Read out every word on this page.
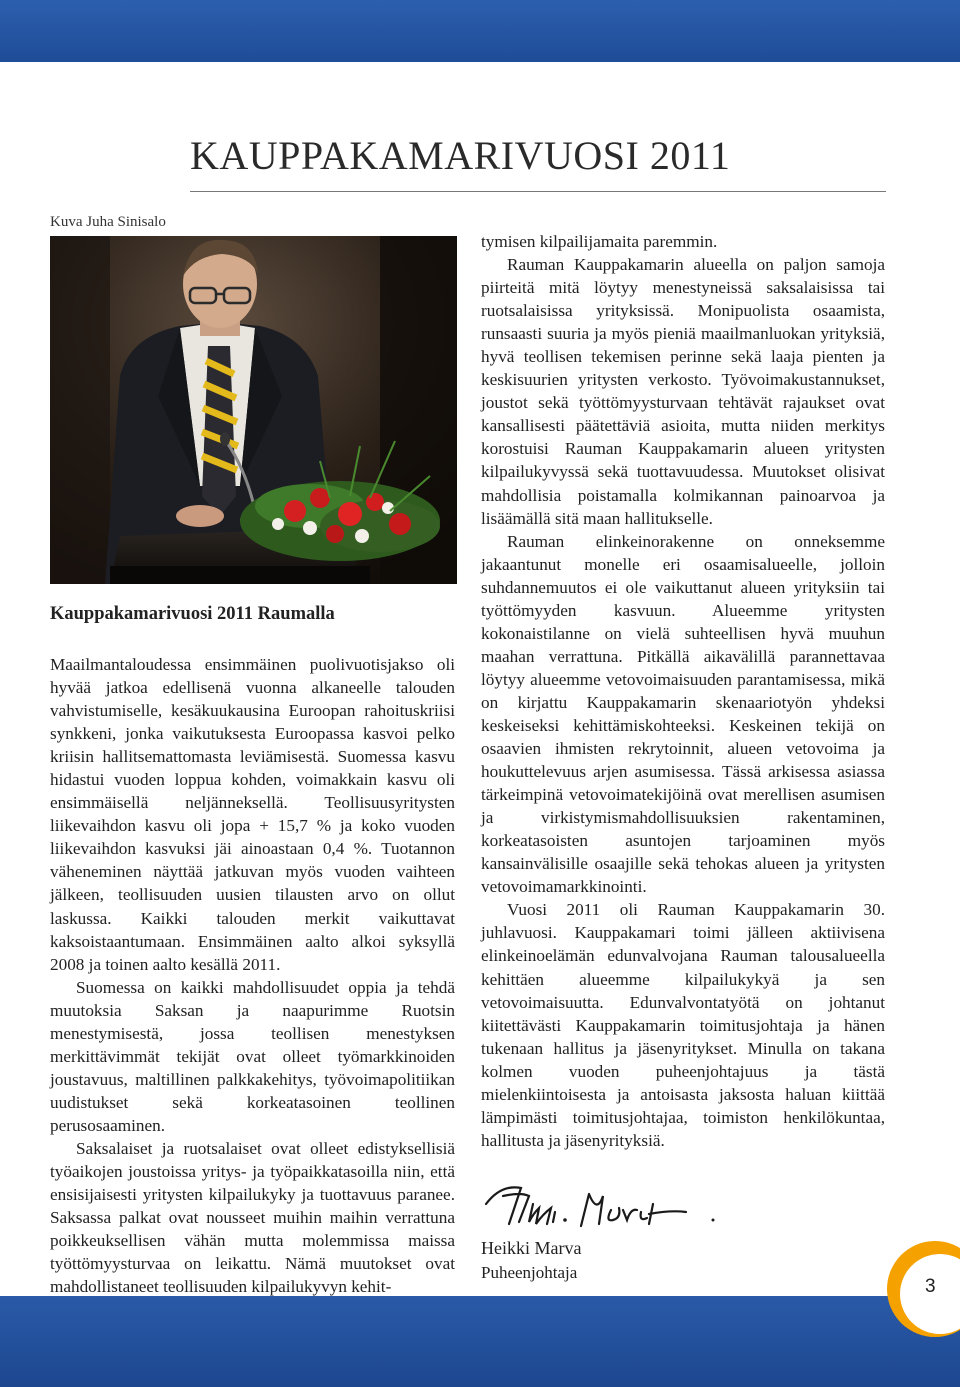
KAUPPAKAMARIVUOSI 2011
Kuva Juha Sinisalo
Kauppakamarivuosi 2011 Raumalla

Maailmantaloudessa ensimmäinen puolivuotisjakso oli hyvää jatkoa edellisenä vuonna alkaneelle talouden vahvistumiselle, kesäkuukausina Euroopan rahoituskriisi synkkeni, jonka vaikutuksesta Euroopassa kasvoi pelko kriisin hallitsemattomasta leviämisestä. Suomessa kasvu hidastui vuoden loppua kohden, voimakkain kasvu oli ensimmäisellä neljänneksellä. Teollisuusyritysten liikevaihdon kasvu oli jopa + 15,7 % ja koko vuoden liikevaihdon kasvuksi jäi ainoastaan 0,4 %. Tuotannon väheneminen näyttää jatkuvan myös vuoden vaihteen jälkeen, teollisuuden uusien tilausten arvo on ollut laskussa. Kaikki talouden merkit vaikuttavat kaksoistaantumaan. Ensimmäinen aalto alkoi syksyllä 2008 ja toinen aalto kesällä 2011.

Suomessa on kaikki mahdollisuudet oppia ja tehdä muutoksia Saksan ja naapurimme Ruotsin menestymisestä, jossa teollisen menestyksen merkittävimmät tekijät ovat olleet työmarkkinoiden joustavuus, maltillinen palkkakehitys, työvoimapolitiikan uudistukset sekä korkeatasoinen teollinen perusosaaminen.

Saksalaiset ja ruotsalaiset ovat olleet edistyksellisiä työaikojen joustoissa yritys- ja työpaikkatasoilla niin, että ensisijaisesti yritysten kilpailukyky ja tuottavuus paranee. Saksassa palkat ovat nousseet muihin maihin verrattuna poikkeuksellisen vähän mutta molemmissa maissa työttömyysturvaa on leikattu. Nämä muutokset ovat mahdollistaneet teollisuuden kilpailukyvyn kehit-

tymisen kilpailijamaita paremmin.

Rauman Kauppakamarin alueella on paljon samoja piirteitä mitä löytyy menestyneissä saksalaisissa tai ruotsalaisissa yrityksissä. Monipuolista osaamista, runsaasti suuria ja myös pieniä maailmanluokan yrityksiä, hyvä teollisen tekemisen perinne sekä laaja pienten ja keskisuurien yritysten verkosto. Työvoimakustannukset, joustot sekä työttömyysturvaan tehtävät rajaukset ovat kansallisesti päätettäviä asioita, mutta niiden merkitys korostuisi Rauman Kauppakamarin alueen yritysten kilpailukyvyssä sekä tuottavuudessa. Muutokset olisivat mahdollisia poistamalla kolmikannan painoarvoa ja lisäämällä sitä maan hallitukselle.

Rauman elinkeinorakenne on onneksemme jakaantunut monelle eri osaamisalueelle, jolloin suhdannemuutos ei ole vaikuttanut alueen yrityksiin tai työttömyyden kasvuun. Alueemme yritysten kokonaistilanne on vielä suhteellisen hyvä muuhun maahan verrattuna. Pitkällä aikavälillä parannettavaa löytyy alueemme vetovoimaisuuden parantamisessa, mikä on kirjattu Kauppakamarin skenaariotyön yhdeksi keskeiseksi kehittämiskohteeksi. Keskeinen tekijä on osaavien ihmisten rekrytoinnit, alueen vetovoima ja houkuttelevuus arjen asumisessa. Tässä arkisessa asiassa tärkeimpinä vetovoimatekijöinä ovat merellisen asumisen ja virkistymismahdollisuuksien rakentaminen, korkeatasoisten asuntojen tarjoaminen myös kansainvälisille osaajille sekä tehokas alueen ja yritysten vetovoimamarkkinointi.

Vuosi 2011 oli Rauman Kauppakamarin 30. juhlavuosi. Kauppakamari toimi jälleen aktiivisena elinkeinoelämän edunvalvojana Rauman talousalueella kehittäen alueemme kilpailukykyä ja sen vetovoimaisuutta. Edunvalvontatyötä on johtanut kiitettävästi Kauppakamarin toimitusjohtaja ja hänen tukenaan hallitus ja jäsenyritykset. Minulla on takana kolmen vuoden puheenjohtajuus ja tästä mielenkiintoisesta ja antoisasta jaksosta haluan kiittää lämpimästi toimitusjohtajaa, toimiston henkilökuntaa, hallitusta ja jäsenyrityksiä.

Heikki Marva
Puheenjohtaja
3
